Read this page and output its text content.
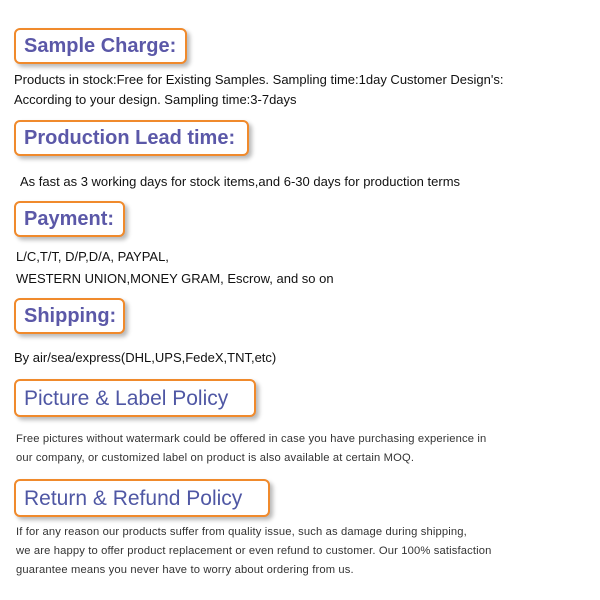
Sample Charge:
Products in stock:Free for Existing Samples. Sampling time:1day Customer Design's:
According to your design. Sampling time:3-7days
Production Lead time:
As fast as 3 working days for stock items,and 6-30 days for production terms
Payment:
L/C,T/T, D/P,D/A, PAYPAL,
WESTERN UNION,MONEY GRAM, Escrow, and so on
Shipping:
By air/sea/express(DHL,UPS,FedeX,TNT,etc)
Picture & Label Policy
Free pictures without watermark could be offered in case you have purchasing experience in
our company, or customized label on product is also available at certain MOQ.
Return & Refund Policy
If for any reason our products suffer from quality issue, such as damage during shipping,
we are happy to offer product replacement or even refund to customer. Our 100% satisfaction
guarantee means you never have to worry about ordering from us.
